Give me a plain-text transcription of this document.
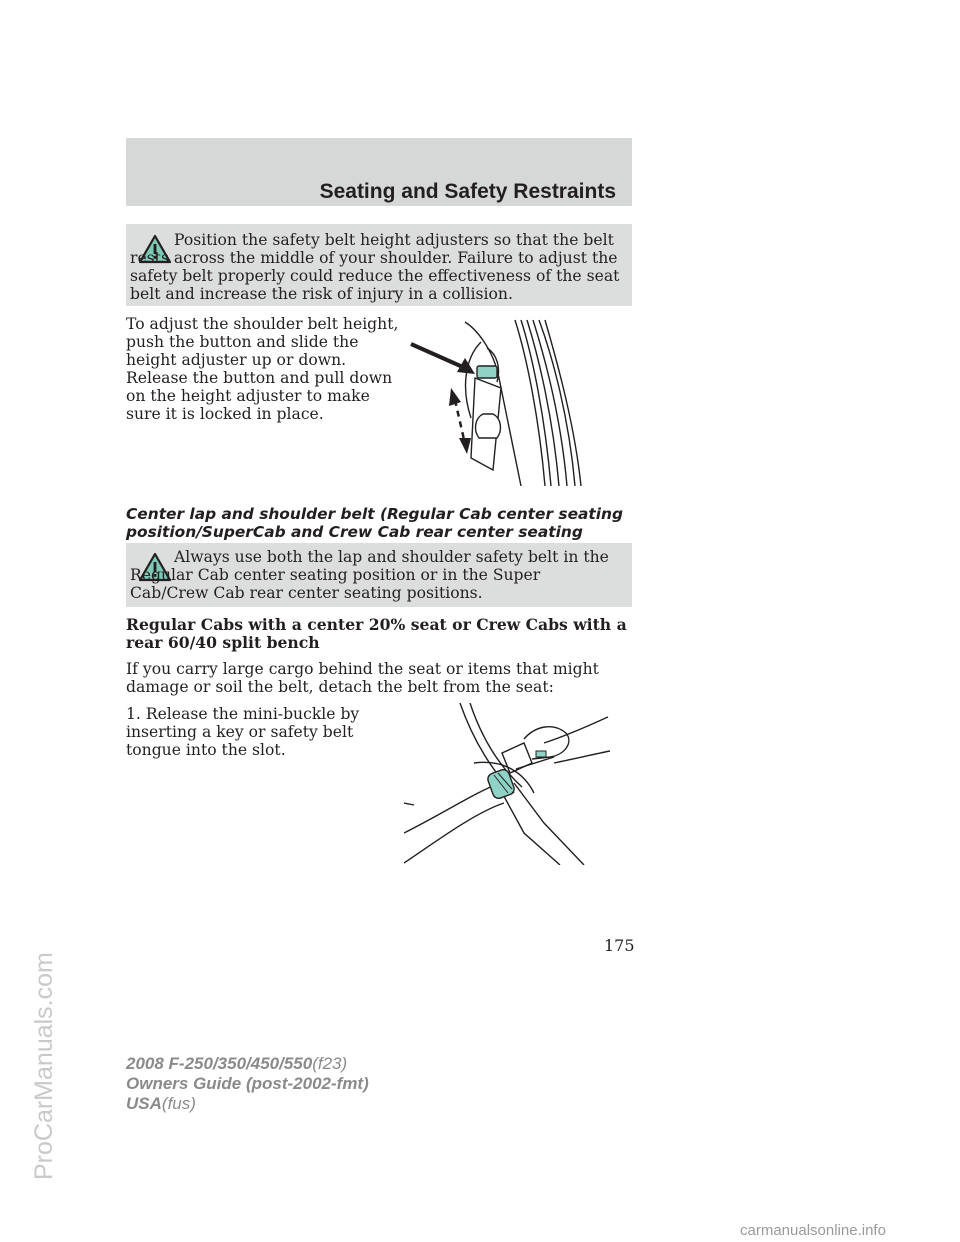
Seating and Safety Restraints

Position the safety belt height adjusters so that the belt rests across the middle of your shoulder. Failure to adjust the safety belt properly could reduce the effectiveness of the seat belt and increase the risk of injury in a collision.

To adjust the shoulder belt height, push the button and slide the height adjuster up or down. Release the button and pull down on the height adjuster to make sure it is locked in place.

Center lap and shoulder belt (Regular Cab center seating position/SuperCab and Crew Cab rear center seating

Always use both the lap and shoulder safety belt in the Regular Cab center seating position or in the Super Cab/Crew Cab rear center seating positions.

Regular Cabs with a center 20% seat or Crew Cabs with a rear 60/40 split bench

If you carry large cargo behind the seat or items that might damage or soil the belt, detach the belt from the seat:

1. Release the mini-buckle by inserting a key or safety belt tongue into the slot.

175

2008 F-250/350/450/550(f23)

Owners Guide (post-2002-fmt)

USA(fus)

ProCarManuals.com
carmanualsonline.info
